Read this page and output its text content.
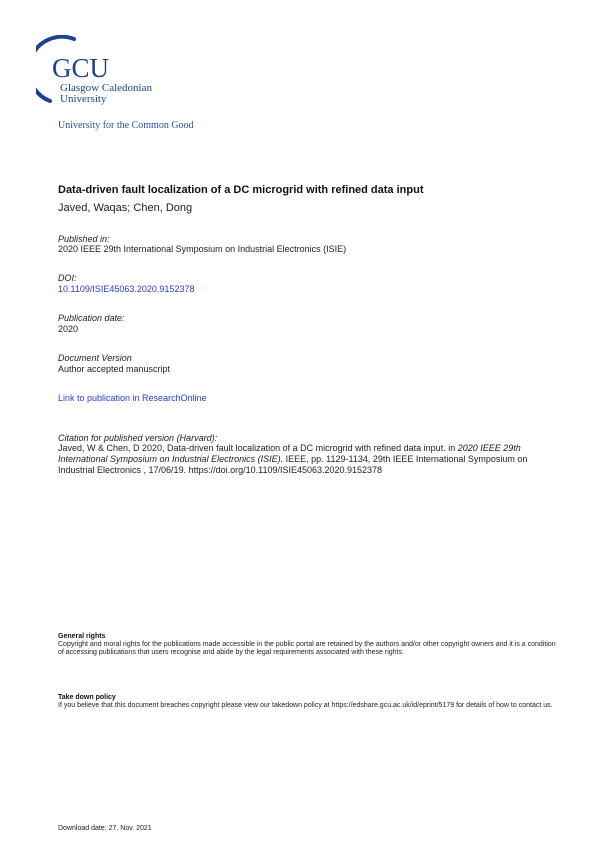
GCU
Glasgow Caledonian
University
University for the Common Good
Data-driven fault localization of a DC microgrid with refined data input
Javed, Waqas; Chen, Dong
Published in:
2020 IEEE 29th International Symposium on Industrial Electronics (ISIE)
DOI:
10.1109/ISIE45063.2020.9152378
Publication date:
2020
Document Version
Author accepted manuscript
Link to publication in ResearchOnline
Citation for published version (Harvard):
Javed, W & Chen, D 2020, Data-driven fault localization of a DC microgrid with refined data input. in 2020 IEEE 29th International Symposium on Industrial Electronics (ISIE). IEEE, pp. 1129-1134, 29th IEEE International Symposium on Industrial Electronics , 17/06/19. https://doi.org/10.1109/ISIE45063.2020.9152378
General rights
Copyright and moral rights for the publications made accessible in the public portal are retained by the authors and/or other copyright owners and it is a condition of accessing publications that users recognise and abide by the legal requirements associated with these rights.
Take down policy
If you believe that this document breaches copyright please view our takedown policy at https://edshare.gcu.ac.uk/id/eprint/5179 for details of how to contact us.
Download date: 27. Nov. 2021
